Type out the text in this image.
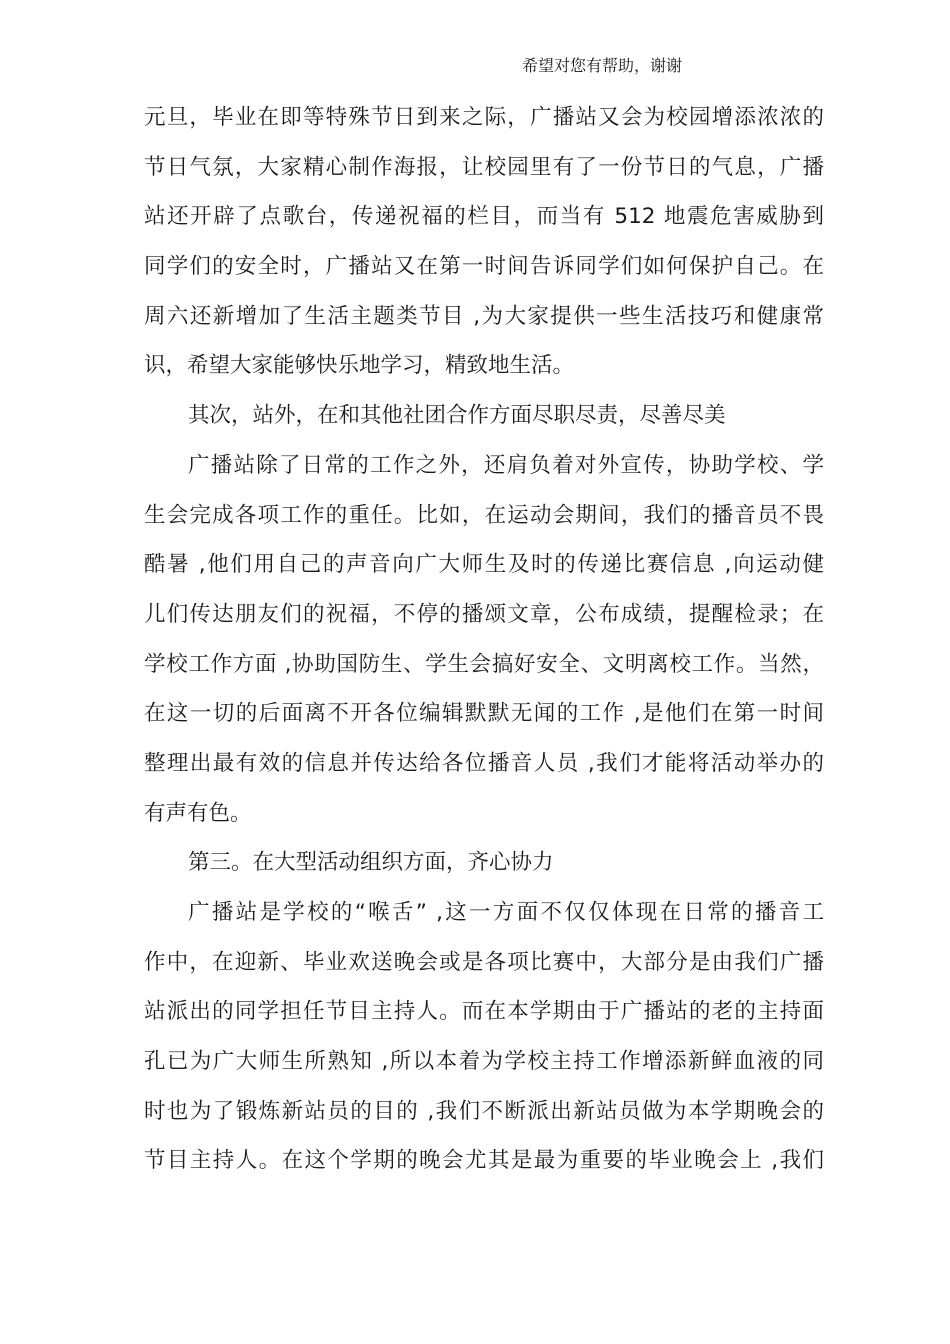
希望对您有帮助，谢谢
元旦，毕业在即等特殊节日到来之际，广播站又会为校园增添浓浓的
节日气氛，大家精心制作海报，让校园里有了一份节日的气息，广播
站还开辟了点歌台，传递祝福的栏目，而当有 512 地震危害威胁到
同学们的安全时，广播站又在第一时间告诉同学们如何保护自己。在
周六还新增加了生活主题类节目 ,为大家提供一些生活技巧和健康常
识，希望大家能够快乐地学习，精致地生活。
其次，站外，在和其他社团合作方面尽职尽责，尽善尽美
广播站除了日常的工作之外，还肩负着对外宣传，协助学校、学
生会完成各项工作的重任。比如，在运动会期间，我们的播音员不畏
酷暑 ,他们用自己的声音向广大师生及时的传递比赛信息 ,向运动健
儿们传达朋友们的祝福，不停的播颂文章，公布成绩，提醒检录；在
学校工作方面 ,协助国防生、学生会搞好安全、文明离校工作。当然，
在这一切的后面离不开各位编辑默默无闻的工作 ,是他们在第一时间
整理出最有效的信息并传达给各位播音人员 ,我们才能将活动举办的
有声有色。
第三。在大型活动组织方面，齐心协力
广播站是学校的“喉舌” ,这一方面不仅仅体现在日常的播音工
作中，在迎新、毕业欢送晚会或是各项比赛中，大部分是由我们广播
站派出的同学担任节目主持人。而在本学期由于广播站的老的主持面
孔已为广大师生所熟知 ,所以本着为学校主持工作增添新鲜血液的同
时也为了锻炼新站员的目的 ,我们不断派出新站员做为本学期晚会的
节目主持人。在这个学期的晚会尤其是最为重要的毕业晚会上 ,我们
